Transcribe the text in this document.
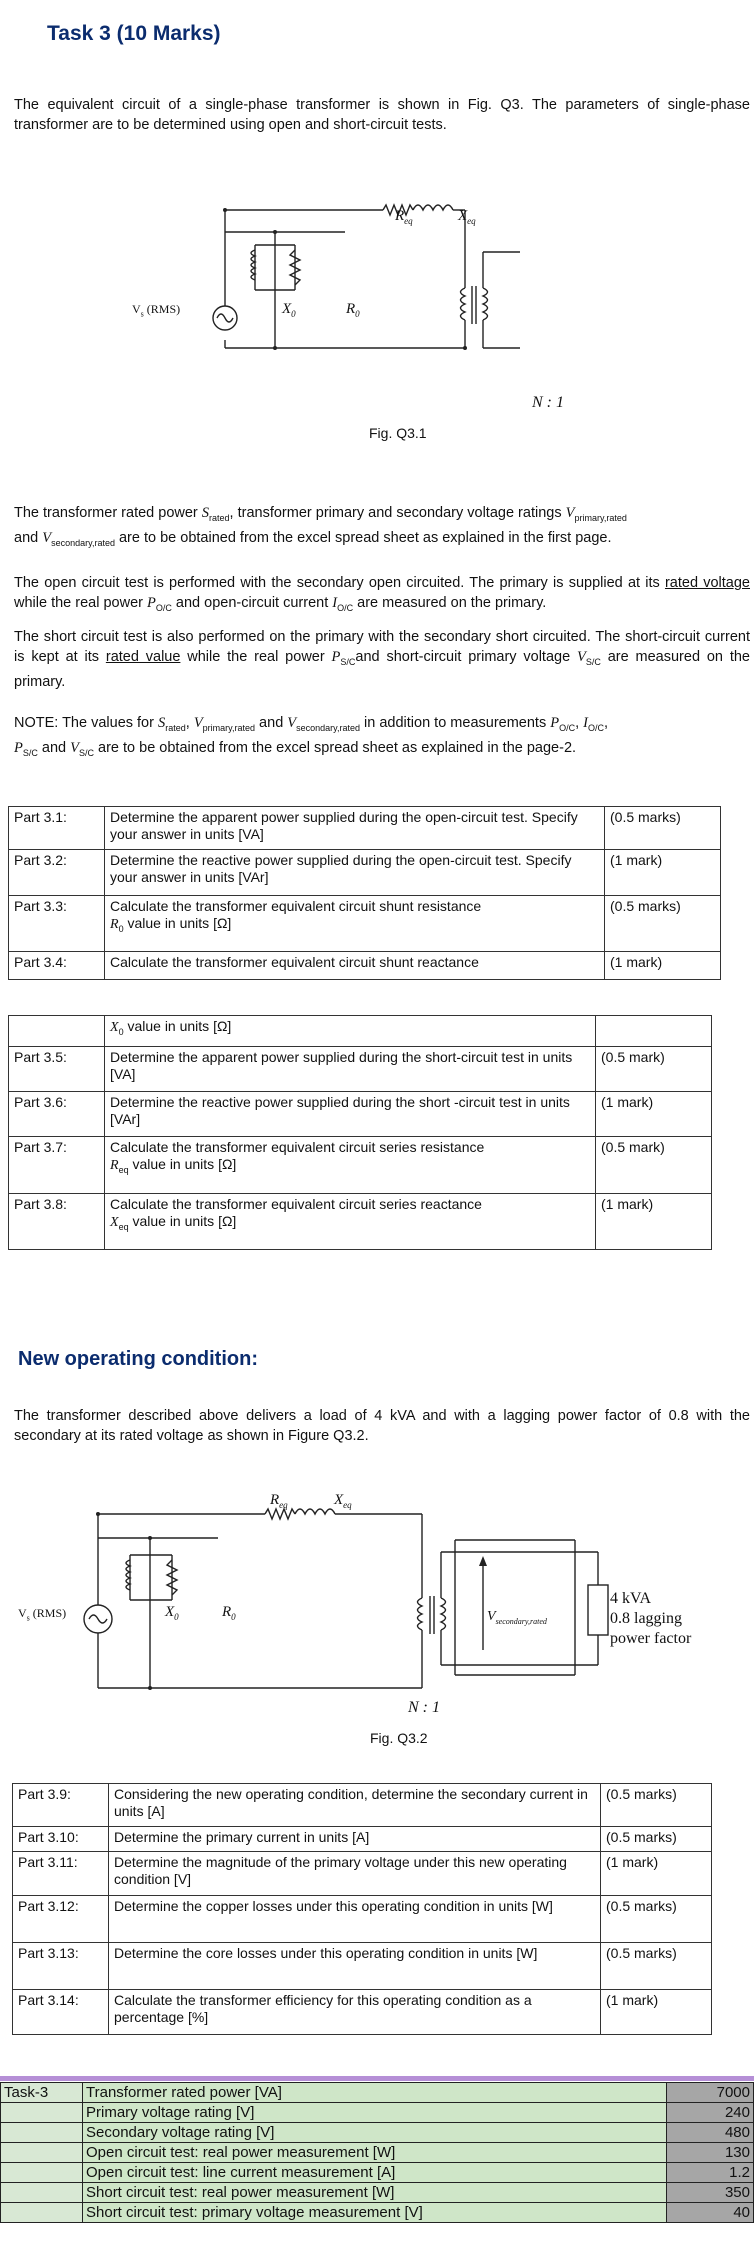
Task 3 (10 Marks)
The equivalent circuit of a single-phase transformer is shown in Fig. Q3. The parameters of single-phase transformer are to be determined using open and short-circuit tests.
$R_{eq}$	$X_{eq}$
$V_s$ (RMS)	$X_0$	$R_0$
N : 1
Fig. Q3.1
The transformer rated power $S_{rated}$, transformer primary and secondary voltage ratings $V_{primary,rated}$
and $V_{secondary,rated}$ are to be obtained from the excel spread sheet as explained in the first page.
The open circuit test is performed with the secondary open circuited. The primary is supplied at its rated voltage while the real power $P_{O/C}$ and open-circuit current $I_{O/C}$ are measured on the primary.
The short circuit test is also performed on the primary with the secondary short circuited. The short-circuit current is kept at its rated value while the real power $P_{S/C}and$ short-circuit primary voltage $V_{S/C}$ are measured on the primary.
NOTE: The values for $S_{rated}$, $V_{primary,rated}$ and $V_{secondary,rated}$ in addition to measurements $P_{O/C}$, $I_{O/C}$,
$P_{S/C}$ and $V_{S/C}$ are to be obtained from the excel spread sheet as explained in the page-2.
Part 3.1:	Determine the apparent power supplied during the open-circuit test. Specify your answer in units [VA]	(0.5 marks)
Part 3.2:	Determine the reactive power supplied during the open-circuit test. Specify your answer in units [VAr]	(1 mark)
Part 3.3:	Calculate the transformer equivalent circuit shunt resistance
$R_0$ value in units [Ω]	(0.5 marks)
Part 3.4:	Calculate the transformer equivalent circuit shunt reactance	(1 mark)
	$X_0$ value in units [Ω]	
Part 3.5:	Determine the apparent power supplied during the short-circuit test in units [VA]	(0.5 mark)
Part 3.6:	Determine the reactive power supplied during the short -circuit test in units [VAr]	(1 mark)
Part 3.7:	Calculate the transformer equivalent circuit series resistance
$R_{eq}$ value in units [Ω]	(0.5 mark)
Part 3.8:	Calculate the transformer equivalent circuit series reactance
$X_{eq}$ value in units [Ω]	(1 mark)
New operating condition:
The transformer described above delivers a load of 4 kVA and with a lagging power factor of 0.8 with the secondary at its rated voltage as shown in Figure Q3.2.
$R_{eq}$	$X_{eq}$
$V_s$ (RMS)	$X_0$	$R_0$	$V_{secondary,rated}$
4 kVA
0.8 lagging
power factor
N : 1
Fig. Q3.2
Part 3.9:	Considering the new operating condition, determine the secondary current in units [A]	(0.5 marks)
Part 3.10:	Determine the primary current in units [A]	(0.5 marks)
Part 3.11:	Determine the magnitude of the primary voltage under this new operating condition [V]	(1 mark)
Part 3.12:	Determine the copper losses under this operating condition in units [W]	(0.5 marks)
Part 3.13:	Determine the core losses under this operating condition in units [W]	(0.5 marks)
Part 3.14:	Calculate the transformer efficiency for this operating condition as a percentage [%]	(1 mark)
Task-3	Transformer rated power [VA]	7000
	Primary voltage rating [V]	240
	Secondary voltage rating [V]	480
	Open circuit test: real power measurement [W]	130
	Open circuit test: line current measurement [A]	1.2
	Short circuit test: real power measurement [W]	350
	Short circuit test: primary voltage measurement [V]	40
